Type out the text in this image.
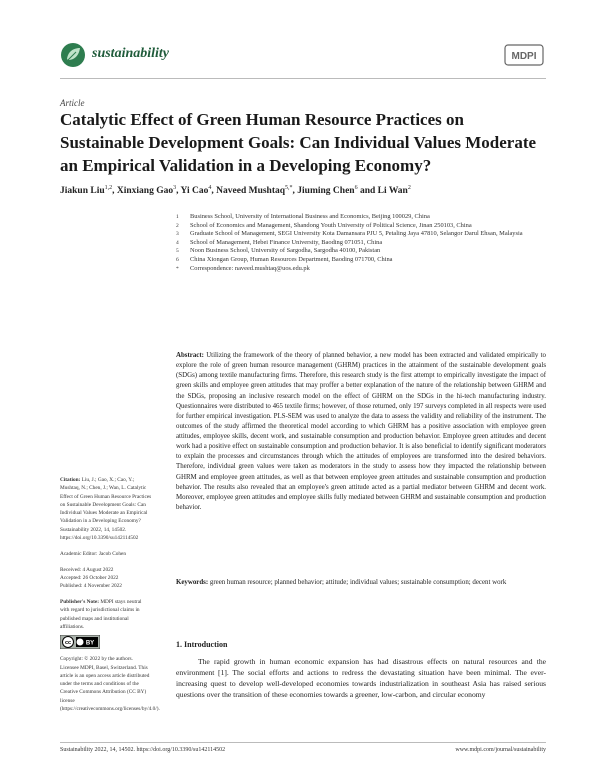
sustainability	MDPI
Article
Catalytic Effect of Green Human Resource Practices on Sustainable Development Goals: Can Individual Values Moderate an Empirical Validation in a Developing Economy?
Jiakun Liu$^{1,2}$, Xinxiang Gao$^3$, Yi Cao$^4$, Naveed Mushtaq$^{5,*}$, Jiuming Chen$^6$ and Li Wan$^2$
1 Business School, University of International Business and Economics, Beijing 100029, China
2 School of Economics and Management, Shandong Youth University of Political Science, Jinan 250103, China
3 Graduate School of Management, SEGI University Kota Damansara PJU 5, Petaling Jaya 47810, Selangor Darul Ehsan, Malaysia
4 School of Management, Hebei Finance University, Baoding 071051, China
5 Noon Business School, University of Sargodha, Sargodha 40100, Pakistan
6 China Xiongan Group, Human Resources Department, Baoding 071700, China
* Correspondence: naveed.mushtaq@uos.edu.pk
Abstract: Utilizing the framework of the theory of planned behavior, a new model has been extracted and validated empirically to explore the role of green human resource management (GHRM) practices in the attainment of the sustainable development goals (SDGs) among textile manufacturing firms. Therefore, this research study is the first attempt to empirically investigate the impact of green skills and employee green attitudes that may proffer a better explanation of the nature of the relationship between GHRM and the SDGs, proposing an inclusive research model on the effect of GHRM on the SDGs in the hi-tech manufacturing industry. Questionnaires were distributed to 465 textile firms; however, of those returned, only 197 surveys completed in all respects were used for further empirical investigation. PLS-SEM was used to analyze the data to assess the validity and reliability of the instrument. The outcomes of the study affirmed the theoretical model according to which GHRM has a positive association with employee green attitudes, employee skills, decent work, and sustainable consumption and production behavior. Employee green attitudes and decent work had a positive effect on sustainable consumption and production behavior. It is also beneficial to identify significant moderators to explain the processes and circumstances through which the attitudes of employees are transformed into the desired behaviors. Therefore, individual green values were taken as moderators in the study to assess how they impacted the relationship between GHRM and employee green attitudes, as well as that between employee green attitudes and sustainable consumption and production behavior. The results also revealed that an employee's green attitude acted as a partial mediator between GHRM and decent work. Moreover, employee green attitudes and employee skills fully mediated between GHRM and sustainable consumption and production behavior.
Keywords: green human resource; planned behavior; attitude; individual values; sustainable consumption; decent work

Citation: Liu, J.; Gao, X.; Cao, Y.; Mushtaq, N.; Chen, J.; Wan, L. Catalytic Effect of Green Human Resource Practices on Sustainable Development Goals: Can Individual Values Moderate an Empirical Validation in a Developing Economy? Sustainability 2022, 14, 14502. https://doi.org/10.3390/su142114502

Academic Editor: Jacob Cohen

Received: 4 August 2022

Accepted: 26 October 2022

Published: 4 November 2022

Publisher's Note: MDPI stays neutral with regard to jurisdictional claims in published maps and institutional affiliations.

cc BY

Copyright: © 2022 by the authors. Licensee MDPI, Basel, Switzerland. This article is an open access article distributed under the terms and conditions of the Creative Commons Attribution (CC BY) license (https://creativecommons.org/licenses/by/4.0/).

1. Introduction
The rapid growth in human economic expansion has had disastrous effects on natural resources and the environment [1]. The social efforts and actions to redress the devastating situation have been minimal. The ever-increasing quest to develop well-developed economies towards industrialization in southeast Asia has raised serious questions over the transition of these economies towards a greener, low-carbon, and circular economy
Sustainability 2022, 14, 14502. https://doi.org/10.3390/su142114502	www.mdpi.com/journal/sustainability
